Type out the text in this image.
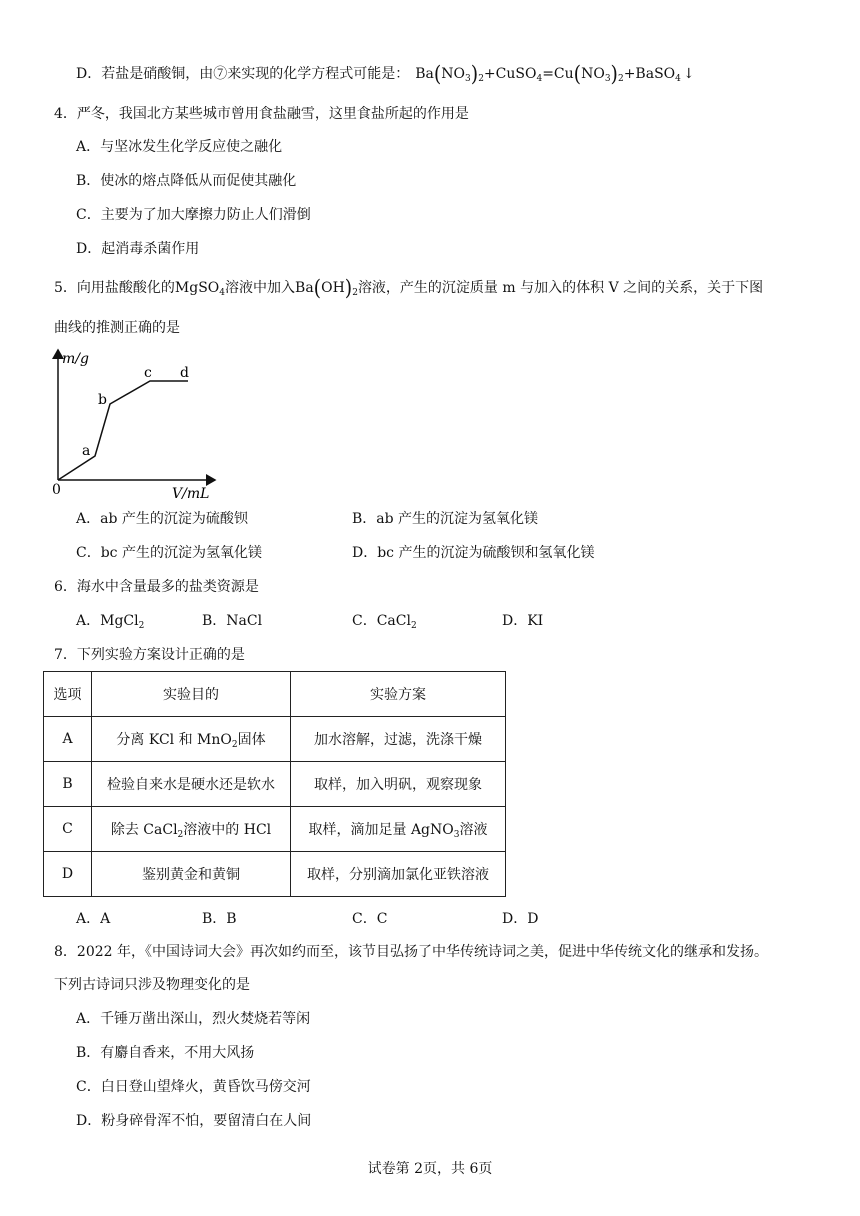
D．若盐是硝酸铜，由⑦来实现的化学方程式可能是： $Ba(NO_3)_2+CuSO_4=Cu(NO_3)_2+BaSO_4$ ↓
4．严冬，我国北方某些城市曾用食盐融雪，这里食盐所起的作用是
A．与坚冰发生化学反应使之融化
B．使冰的熔点降低从而促使其融化
C．主要为了加大摩擦力防止人们滑倒
D．起消毒杀菌作用
5．向用盐酸酸化的MgSO$_4$溶液中加入$Ba(OH)_2$溶液，产生的沉淀质量 m 与加入的体积 V 之间的关系，关于下图
曲线的推测正确的是
m/g
V/mL
0
a
b
c d
A．ab 产生的沉淀为硫酸钡	B．ab 产生的沉淀为氢氧化镁
C．bc 产生的沉淀为氢氧化镁	D．bc 产生的沉淀为硫酸钡和氢氧化镁
6．海水中含量最多的盐类资源是
A．MgCl$_2$	B．NaCl	C．CaCl$_2$	D．KI
7．下列实验方案设计正确的是
选项	实验目的	实验方案
A	分离 KCl 和 MnO$_2$固体	加水溶解，过滤，洗涤干燥
B	检验自来水是硬水还是软水	取样，加入明矾，观察现象
C	除去 CaCl$_2$溶液中的 HCl	取样，滴加足量 AgNO$_3$溶液
D	鉴别黄金和黄铜	取样，分别滴加氯化亚铁溶液
A．A	B．B	C．C	D．D
8．2022 年，《中国诗词大会》再次如约而至，该节目弘扬了中华传统诗词之美，促进中华传统文化的继承和发扬。
下列古诗词只涉及物理变化的是
A．千锤万凿出深山，烈火焚烧若等闲
B．有麝自香来，不用大风扬
C．白日登山望烽火，黄昏饮马傍交河
D．粉身碎骨浑不怕，要留清白在人间
试卷第 2页，共 6页
